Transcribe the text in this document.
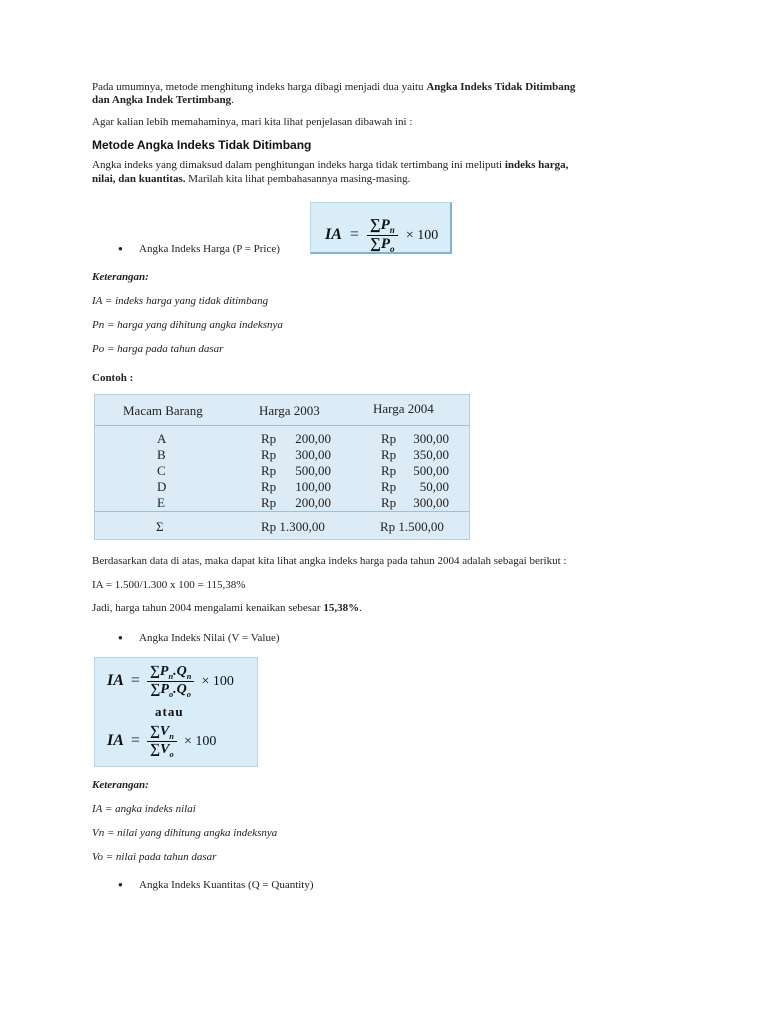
Pada umumnya, metode menghitung indeks harga dibagi menjadi dua yaitu Angka Indeks Tidak Ditimbang
dan Angka Indek Tertimbang.
Agar kalian lebih memahaminya, mari kita lihat penjelasan dibawah ini :
Metode Angka Indeks Tidak Ditimbang
Angka indeks yang dimaksud dalam penghitungan indeks harga tidak tertimbang ini meliputi indeks harga,
nilai, dan kuantitas. Marilah kita lihat pembahasannya masing-masing.
IA = $\frac{\sum P_n}{\sum P_o} \times 100$
● Angka Indeks Harga (P = Price)
Keterangan:
IA = indeks harga yang tidak ditimbang
Pn = harga yang dihitung angka indeksnya
Po = harga pada tahun dasar
Contoh :
Macam Barang	Harga 2003	Harga 2004
A	Rp 200,00	Rp 300,00
B	Rp 300,00	Rp 350,00
C	Rp 500,00	Rp 500,00
D	Rp 100,00	Rp 50,00
E	Rp 200,00	Rp 300,00
Σ	Rp 1.300,00	Rp 1.500,00
Berdasarkan data di atas, maka dapat kita lihat angka indeks harga pada tahun 2004 adalah sebagai berikut :
IA = 1.500/1.300 x 100 = 115,38%
Jadi, harga tahun 2004 mengalami kenaikan sebesar 15,38%.
● Angka Indeks Nilai (V = Value)
IA = $\frac{\sum P_n.Q_n}{\sum P_o.Q_o} \times 100$
atau
IA = $\frac{\sum V_n}{\sum V_o} \times 100$
Keterangan:
IA = angka indeks nilai
Vn = nilai yang dihitung angka indeksnya
Vo = nilai pada tahun dasar
● Angka Indeks Kuantitas (Q = Quantity)
